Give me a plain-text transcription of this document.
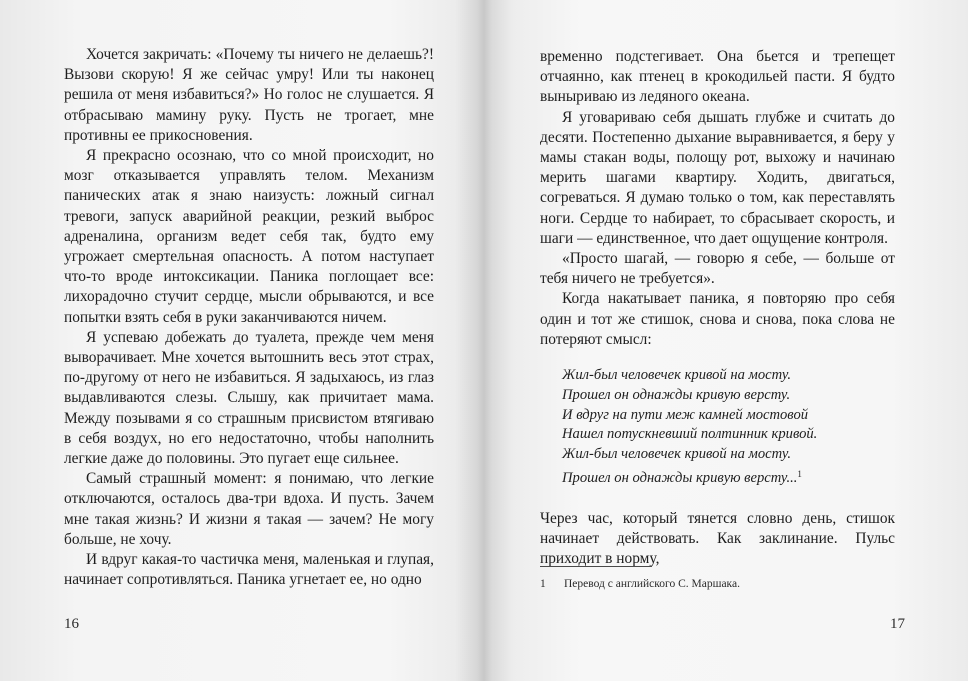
Хочется закричать: «Почему ты ничего не делаешь?! Вызови скорую! Я же сейчас умру! Или ты наконец решила от меня избавиться?» Но голос не слушается. Я отбрасываю мамину руку. Пусть не трогает, мне противны ее прикосновения.

Я прекрасно осознаю, что со мной происходит, но мозг отказывается управлять телом. Механизм панических атак я знаю наизусть: ложный сигнал тревоги, запуск аварийной реакции, резкий выброс адреналина, организм ведет себя так, будто ему угрожает смертельная опасность. А потом наступает что-то вроде интоксикации. Паника поглощает все: лихорадочно стучит сердце, мысли обрываются, и все попытки взять себя в руки заканчиваются ничем.

Я успеваю добежать до туалета, прежде чем меня выворачивает. Мне хочется вытошнить весь этот страх, по-другому от него не избавиться. Я задыхаюсь, из глаз выдавливаются слезы. Слышу, как причитает мама. Между позывами я со страшным присвистом втягиваю в себя воздух, но его недостаточно, чтобы наполнить легкие даже до половины. Это пугает еще сильнее.

Самый страшный момент: я понимаю, что легкие отключаются, осталось два-три вдоха. И пусть. Зачем мне такая жизнь? И жизни я такая — зачем? Не могу больше, не хочу.

И вдруг какая-то частичка меня, маленькая и глупая, начинает сопротивляться. Паника угнетает ее, но одно

16

временно подстегивает. Она бьется и трепещет отчаянно, как птенец в крокодильей пасти. Я будто выныриваю из ледяного океана.

Я уговариваю себя дышать глубже и считать до десяти. Постепенно дыхание выравнивается, я беру у мамы стакан воды, полощу рот, выхожу и начинаю мерить шагами квартиру. Ходить, двигаться, согреваться. Я думаю только о том, как переставлять ноги. Сердце то набирает, то сбрасывает скорость, и шаги — единственное, что дает ощущение контроля.

«Просто шагай, — говорю я себе, — больше от тебя ничего не требуется».

Когда накатывает паника, я повторяю про себя один и тот же стишок, снова и снова, пока слова не потеряют смысл:

Жил-был человечек кривой на мосту.
Прошел он однажды кривую версту.
И вдруг на пути меж камней мостовой
Нашел потускневший полтинник кривой.
Жил-был человечек кривой на мосту.
Прошел он однажды кривую версту...$^1$

Через час, который тянется словно день, стишок начинает действовать. Как заклинание. Пульс приходит в норму,

1 Перевод с английского С. Маршака.
17
